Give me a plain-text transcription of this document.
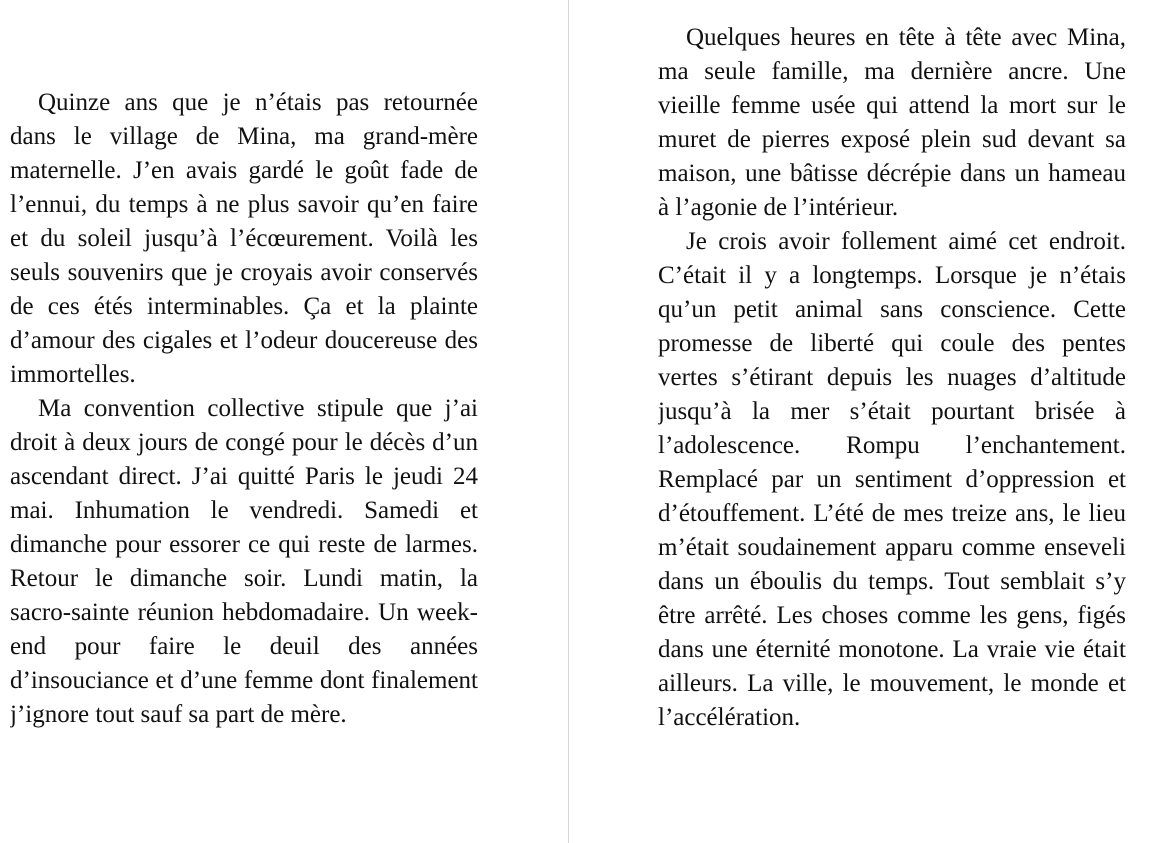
Quinze ans que je n’étais pas retournée dans le village de Mina, ma grand-mère maternelle. J’en avais gardé le goût fade de l’ennui, du temps à ne plus savoir qu’en faire et du soleil jusqu’à l’écœurement. Voilà les seuls souvenirs que je croyais avoir conservés de ces étés interminables. Ça et la plainte d’amour des cigales et l’odeur doucereuse des immortelles.

Ma convention collective stipule que j’ai droit à deux jours de congé pour le décès d’un ascendant direct. J’ai quitté Paris le jeudi 24 mai. Inhumation le vendredi. Samedi et dimanche pour essorer ce qui reste de larmes. Retour le dimanche soir. Lundi matin, la sacro-sainte réunion hebdomadaire. Un week-end pour faire le deuil des années d’insouciance et d’une femme dont finalement j’ignore tout sauf sa part de mère.

Quelques heures en tête à tête avec Mina, ma seule famille, ma dernière ancre. Une vieille femme usée qui attend la mort sur le muret de pierres exposé plein sud devant sa maison, une bâtisse décrépie dans un hameau à l’agonie de l’intérieur.

Je crois avoir follement aimé cet endroit. C’était il y a longtemps. Lorsque je n’étais qu’un petit animal sans conscience. Cette promesse de liberté qui coule des pentes vertes s’étirant depuis les nuages d’altitude jusqu’à la mer s’était pourtant brisée à l’adolescence. Rompu l’enchantement. Remplacé par un sentiment d’oppression et d’étouffement. L’été de mes treize ans, le lieu m’était soudainement apparu comme enseveli dans un éboulis du temps. Tout semblait s’y être arrêté. Les choses comme les gens, figés dans une éternité monotone. La vraie vie était ailleurs. La ville, le mouvement, le monde et l’accélération.
